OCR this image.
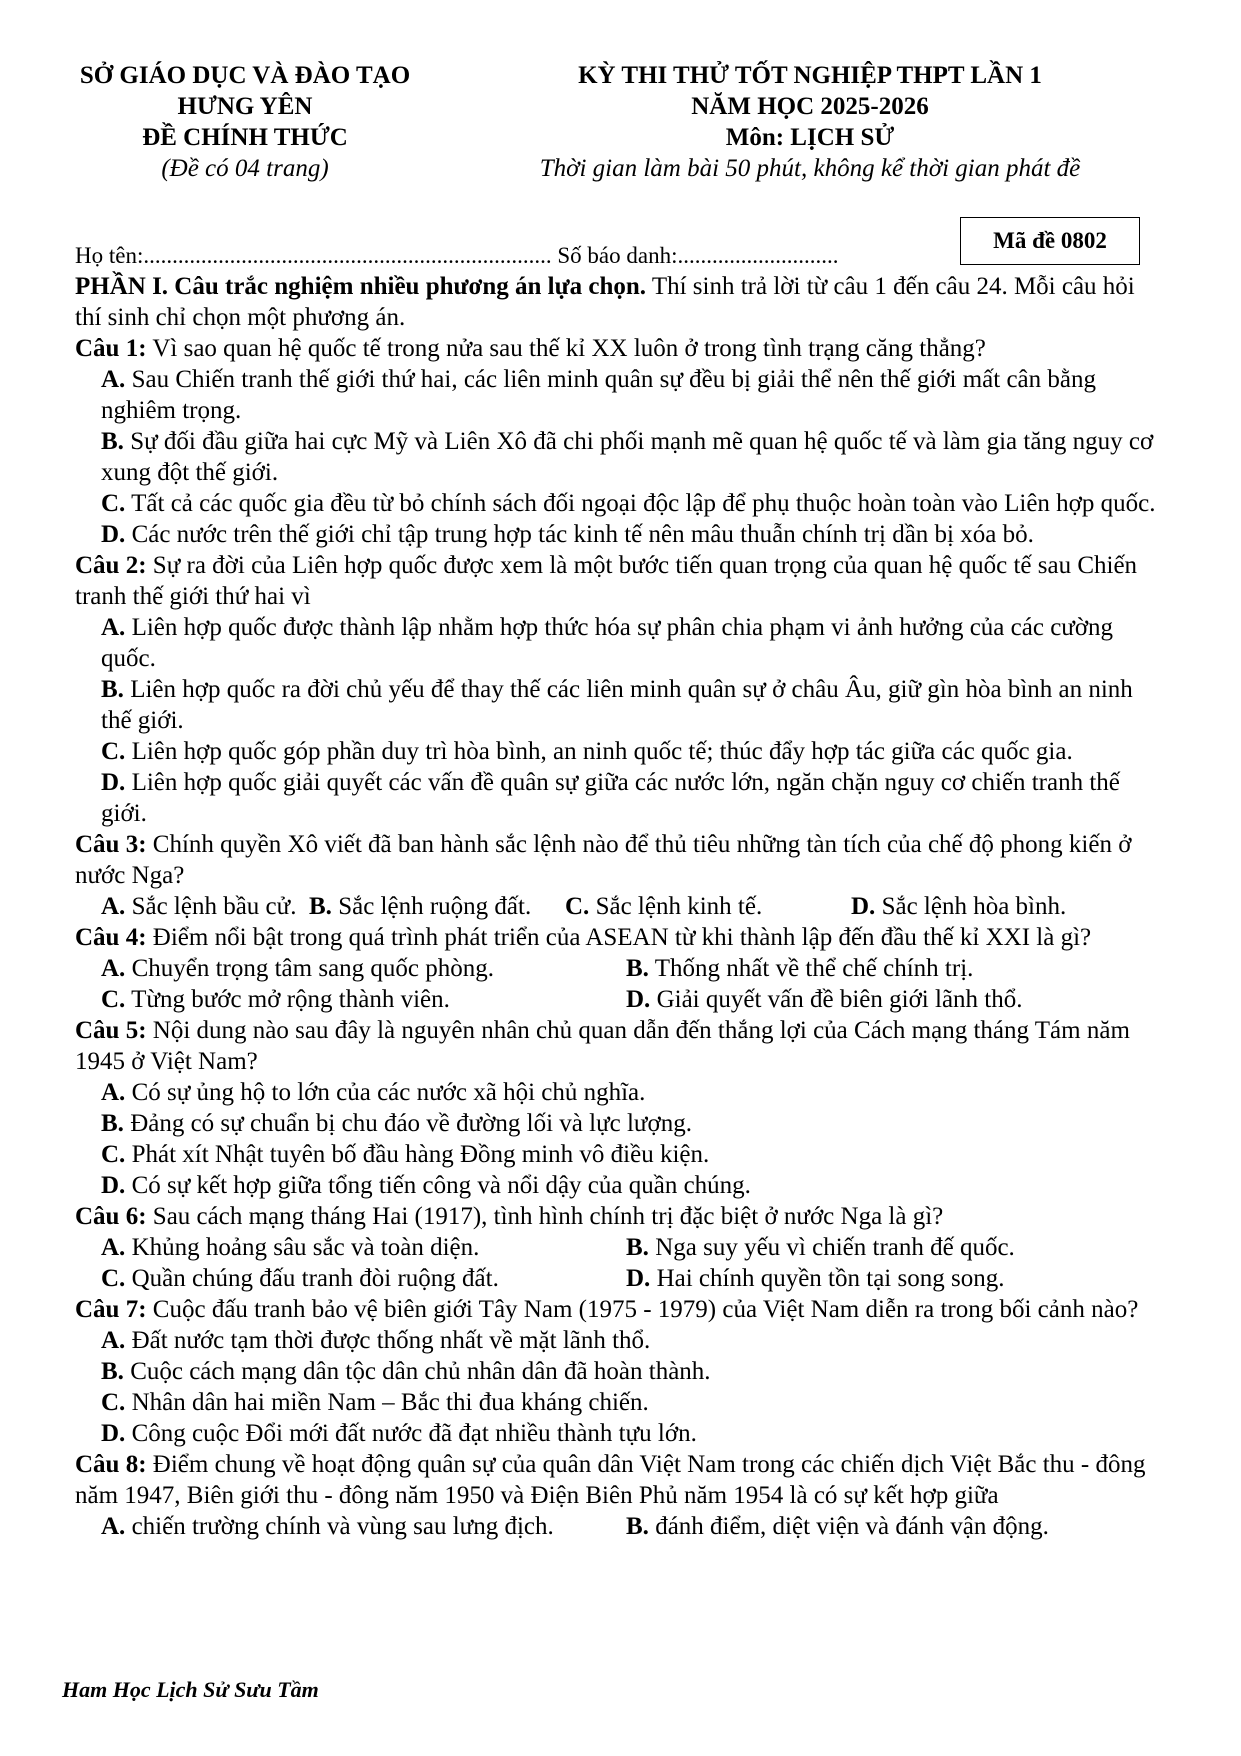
SỞ GIÁO DỤC VÀ ĐÀO TẠO
HƯNG YÊN
ĐỀ CHÍNH THỨC
(Đề có 04 trang)
KỲ THI THỬ TỐT NGHIỆP THPT LẦN 1
NĂM HỌC 2025-2026
Môn: LỊCH SỬ
Thời gian làm bài 50 phút, không kể thời gian phát đề
Mã đề 0802

Họ tên:....................................................................... Số báo danh:............................

PHẦN I. Câu trắc nghiệm nhiều phương án lựa chọn. Thí sinh trả lời từ câu 1 đến câu 24. Mỗi câu hỏi thí sinh chỉ chọn một phương án.

Câu 1: Vì sao quan hệ quốc tế trong nửa sau thế kỉ XX luôn ở trong tình trạng căng thẳng?

A. Sau Chiến tranh thế giới thứ hai, các liên minh quân sự đều bị giải thể nên thế giới mất cân bằng nghiêm trọng.

B. Sự đối đầu giữa hai cực Mỹ và Liên Xô đã chi phối mạnh mẽ quan hệ quốc tế và làm gia tăng nguy cơ xung đột thế giới.

C. Tất cả các quốc gia đều từ bỏ chính sách đối ngoại độc lập để phụ thuộc hoàn toàn vào Liên hợp quốc.

D. Các nước trên thế giới chỉ tập trung hợp tác kinh tế nên mâu thuẫn chính trị dần bị xóa bỏ.

Câu 2: Sự ra đời của Liên hợp quốc được xem là một bước tiến quan trọng của quan hệ quốc tế sau Chiến tranh thế giới thứ hai vì

A. Liên hợp quốc được thành lập nhằm hợp thức hóa sự phân chia phạm vi ảnh hưởng của các cường quốc.

B. Liên hợp quốc ra đời chủ yếu để thay thế các liên minh quân sự ở châu Âu, giữ gìn hòa bình an ninh thế giới.

C. Liên hợp quốc góp phần duy trì hòa bình, an ninh quốc tế; thúc đẩy hợp tác giữa các quốc gia.

D. Liên hợp quốc giải quyết các vấn đề quân sự giữa các nước lớn, ngăn chặn nguy cơ chiến tranh thế giới.

Câu 3: Chính quyền Xô viết đã ban hành sắc lệnh nào để thủ tiêu những tàn tích của chế độ phong kiến ở nước Nga?

A. Sắc lệnh bầu cử. B. Sắc lệnh ruộng đất. C. Sắc lệnh kinh tế.	D. Sắc lệnh hòa bình.

Câu 4: Điểm nổi bật trong quá trình phát triển của ASEAN từ khi thành lập đến đầu thế kỉ XXI là gì?

A. Chuyển trọng tâm sang quốc phòng.	B. Thống nhất về thể chế chính trị.
C. Từng bước mở rộng thành viên.	D. Giải quyết vấn đề biên giới lãnh thổ.

Câu 5: Nội dung nào sau đây là nguyên nhân chủ quan dẫn đến thắng lợi của Cách mạng tháng Tám năm 1945 ở Việt Nam?

A. Có sự ủng hộ to lớn của các nước xã hội chủ nghĩa.

B. Đảng có sự chuẩn bị chu đáo về đường lối và lực lượng.

C. Phát xít Nhật tuyên bố đầu hàng Đồng minh vô điều kiện.

D. Có sự kết hợp giữa tổng tiến công và nổi dậy của quần chúng.

Câu 6: Sau cách mạng tháng Hai (1917), tình hình chính trị đặc biệt ở nước Nga là gì?

A. Khủng hoảng sâu sắc và toàn diện.	B. Nga suy yếu vì chiến tranh đế quốc.
C. Quần chúng đấu tranh đòi ruộng đất.	D. Hai chính quyền tồn tại song song.

Câu 7: Cuộc đấu tranh bảo vệ biên giới Tây Nam (1975 - 1979) của Việt Nam diễn ra trong bối cảnh nào?

A. Đất nước tạm thời được thống nhất về mặt lãnh thổ.

B. Cuộc cách mạng dân tộc dân chủ nhân dân đã hoàn thành.

C. Nhân dân hai miền Nam – Bắc thi đua kháng chiến.

D. Công cuộc Đổi mới đất nước đã đạt nhiều thành tựu lớn.

Câu 8: Điểm chung về hoạt động quân sự của quân dân Việt Nam trong các chiến dịch Việt Bắc thu - đông năm 1947, Biên giới thu - đông năm 1950 và Điện Biên Phủ năm 1954 là có sự kết hợp giữa

A. chiến trường chính và vùng sau lưng địch.	B. đánh điểm, diệt viện và đánh vận động.
Ham Học Lịch Sử Sưu Tầm
